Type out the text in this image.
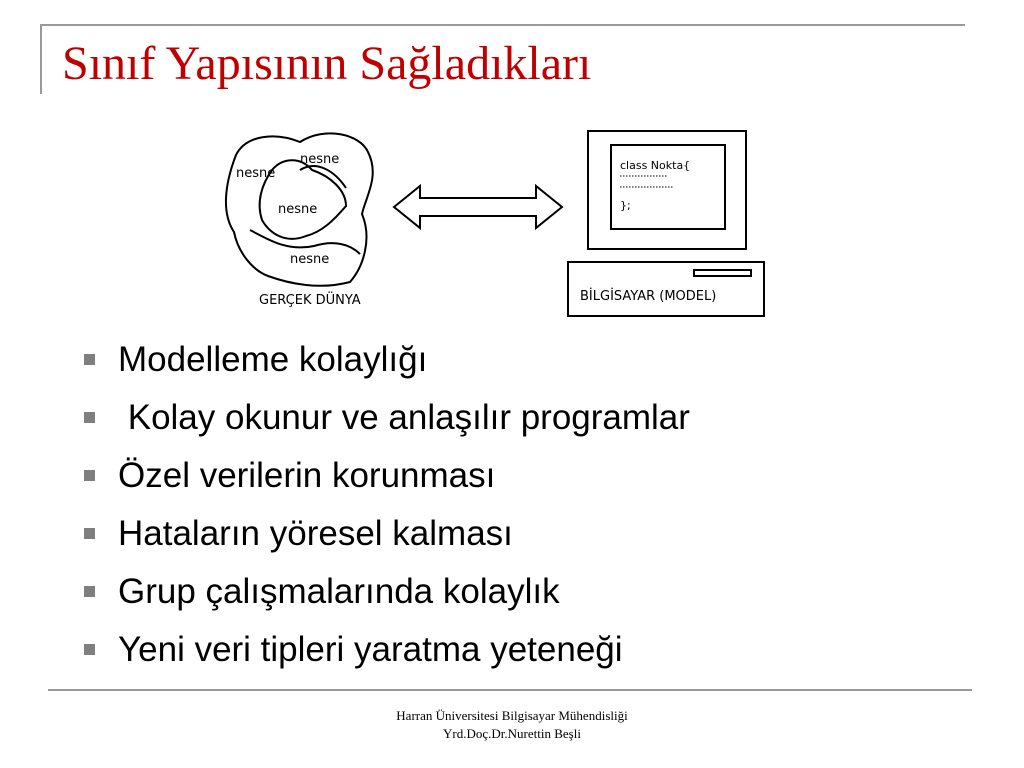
Sınıf Yapısının Sağladıkları
nesne
nesne
nesne
nesne
GERÇEK DÜNYA
class Nokta{
};
BİLGİSAYAR (MODEL)
Modelleme kolaylığı
Kolay okunur ve anlaşılır programlar
Özel verilerin korunması
Hataların yöresel kalması
Grup çalışmalarında kolaylık
Yeni veri tipleri yaratma yeteneği
Harran Üniversitesi Bilgisayar Mühendisliği
Yrd.Doç.Dr.Nurettin Beşli
